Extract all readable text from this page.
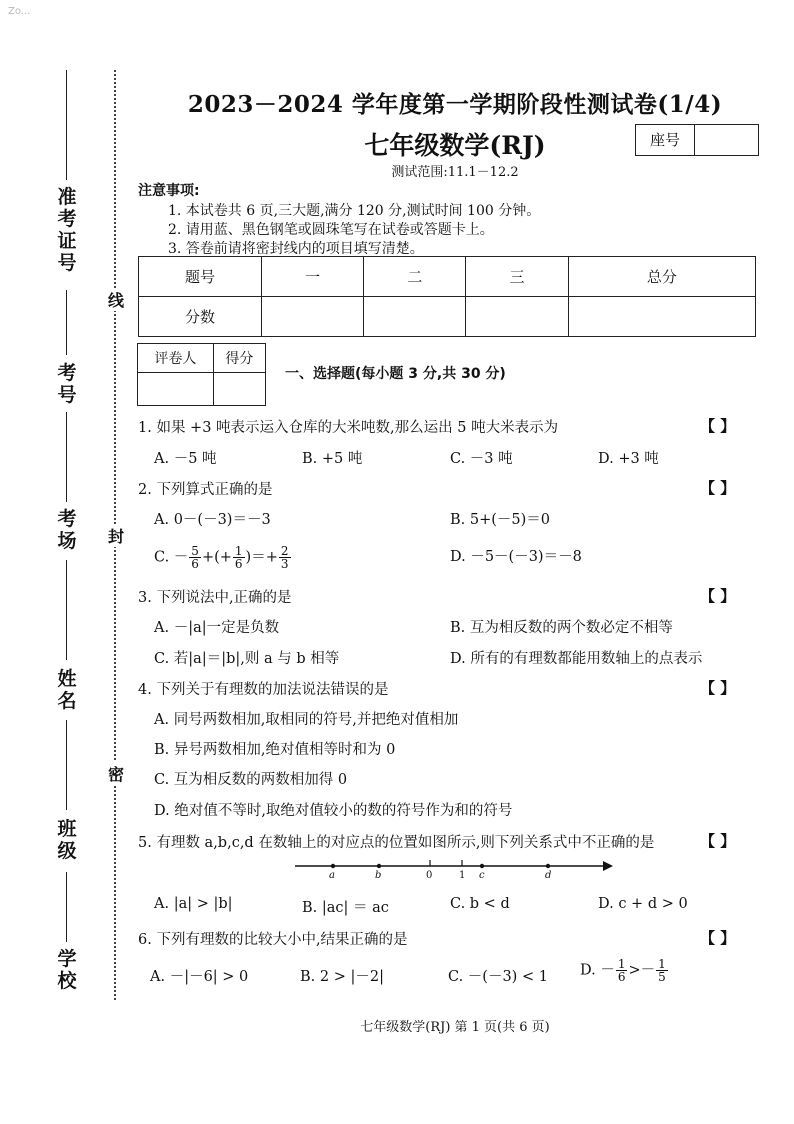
Zo...
准考证号
考号
考场
姓名
班级
学校
线
封
密
2023－2024 学年度第一学期阶段性测试卷(1/4)
七年级数学(RJ)	座号
测试范围:11.1－12.2
注意事项:
1. 本试卷共 6 页,三大题,满分 120 分,测试时间 100 分钟。
2. 请用蓝、黑色钢笔或圆珠笔写在试卷或答题卡上。
3. 答卷前请将密封线内的项目填写清楚。
题号	一	二	三	总分
分数				
评卷人	得分

一、选择题(每小题 3 分,共 30 分)
1. 如果 +3 吨表示运入仓库的大米吨数,那么运出 5 吨大米表示为	【 】
A. －5 吨	B. +5 吨	C. －3 吨	D. +3 吨
2. 下列算式正确的是	【 】
A. 0－(－3)＝－3	B. 5+(－5)＝0
C. － $\frac{5}{6}$ +(+ $\frac{1}{6}$ )＝+ $\frac{2}{3}$	D. －5－(－3)＝－8
3. 下列说法中,正确的是	【 】
A. －|a|一定是负数	B. 互为相反数的两个数必定不相等
C. 若|a|＝|b|,则 a 与 b 相等	D. 所有的有理数都能用数轴上的点表示
4. 下列关于有理数的加法说法错误的是	【 】
A. 同号两数相加,取相同的符号,并把绝对值相加
B. 异号两数相加,绝对值相等时和为 0
C. 互为相反数的两数相加得 0
D. 绝对值不等时,取绝对值较小的数的符号作为和的符号
5. 有理数 a,b,c,d 在数轴上的对应点的位置如图所示,则下列关系式中不正确的是	【 】
a	b	0	1 c	d
A. |a| > |b|	B. |ac| ＝ ac	C. b < d	D. c + d > 0
6. 下列有理数的比较大小中,结果正确的是	【 】
A. －|－6| > 0	B. 2 > |－2|	C. －(－3) < 1 D. － $\frac{1}{6} >- \frac{1}{5}$
七年级数学(RJ) 第 1 页(共 6 页)
